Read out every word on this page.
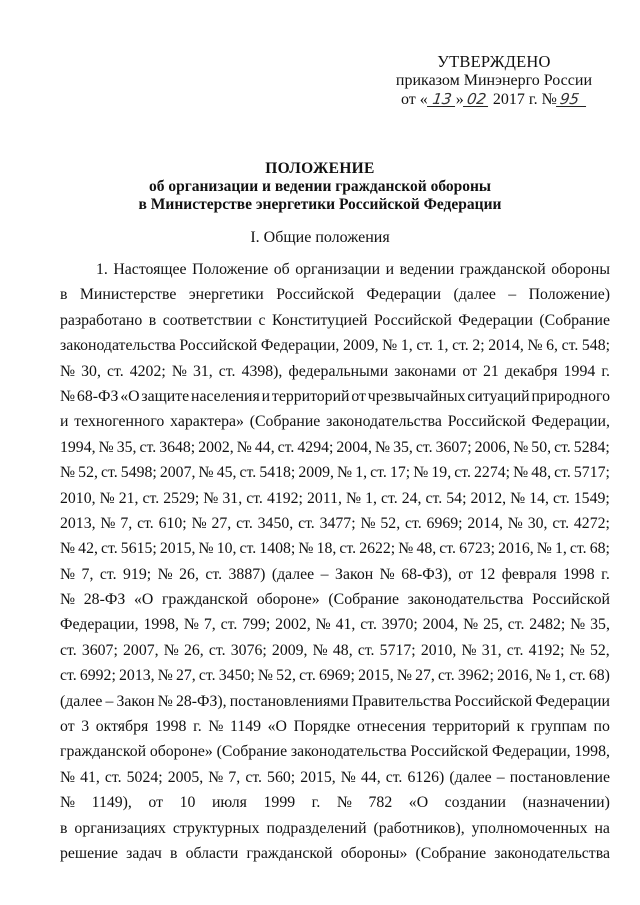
УТВЕРЖДЕНО
приказом Минэнерго России
от « 13 » 02 2017 г. № 95
ПОЛОЖЕНИЕ
об организации и ведении гражданской обороны
в Министерстве энергетики Российской Федерации
I. Общие положения
1. Настоящее Положение об организации и ведении гражданской обороны
в Министерстве энергетики Российской Федерации (далее – Положение)
разработано в соответствии с Конституцией Российской Федерации (Собрание
законодательства Российской Федерации, 2009, № 1, ст. 1, ст. 2; 2014, № 6, ст. 548;
№ 30, ст. 4202; № 31, ст. 4398), федеральными законами от 21 декабря 1994 г.
№ 68-ФЗ «О защите населения и территорий от чрезвычайных ситуаций природного
и техногенного характера» (Собрание законодательства Российской Федерации,
1994, № 35, ст. 3648; 2002, № 44, ст. 4294; 2004, № 35, ст. 3607; 2006, № 50, ст. 5284;
№ 52, ст. 5498; 2007, № 45, ст. 5418; 2009, № 1, ст. 17; № 19, ст. 2274; № 48, ст. 5717;
2010, № 21, ст. 2529; № 31, ст. 4192; 2011, № 1, ст. 24, ст. 54; 2012, № 14, ст. 1549;
2013, № 7, ст. 610; № 27, ст. 3450, ст. 3477; № 52, ст. 6969; 2014, № 30, ст. 4272;
№ 42, ст. 5615; 2015, № 10, ст. 1408; № 18, ст. 2622; № 48, ст. 6723; 2016, № 1, ст. 68;
№ 7, ст. 919; № 26, ст. 3887) (далее – Закон № 68-ФЗ), от 12 февраля 1998 г.
№ 28-ФЗ «О гражданской обороне» (Собрание законодательства Российской
Федерации, 1998, № 7, ст. 799; 2002, № 41, ст. 3970; 2004, № 25, ст. 2482; № 35,
ст. 3607; 2007, № 26, ст. 3076; 2009, № 48, ст. 5717; 2010, № 31, ст. 4192; № 52,
ст. 6992; 2013, № 27, ст. 3450; № 52, ст. 6969; 2015, № 27, ст. 3962; 2016, № 1, ст. 68)
(далее – Закон № 28-ФЗ), постановлениями Правительства Российской Федерации
от 3 октября 1998 г. № 1149 «О Порядке отнесения территорий к группам по
гражданской обороне» (Собрание законодательства Российской Федерации, 1998,
№ 41, ст. 5024; 2005, № 7, ст. 560; 2015, № 44, ст. 6126) (далее – постановление
№ 1149), от 10 июля 1999 г. № 782 «О создании (назначении)
в организациях структурных подразделений (работников), уполномоченных на
решение задач в области гражданской обороны» (Собрание законодательства
